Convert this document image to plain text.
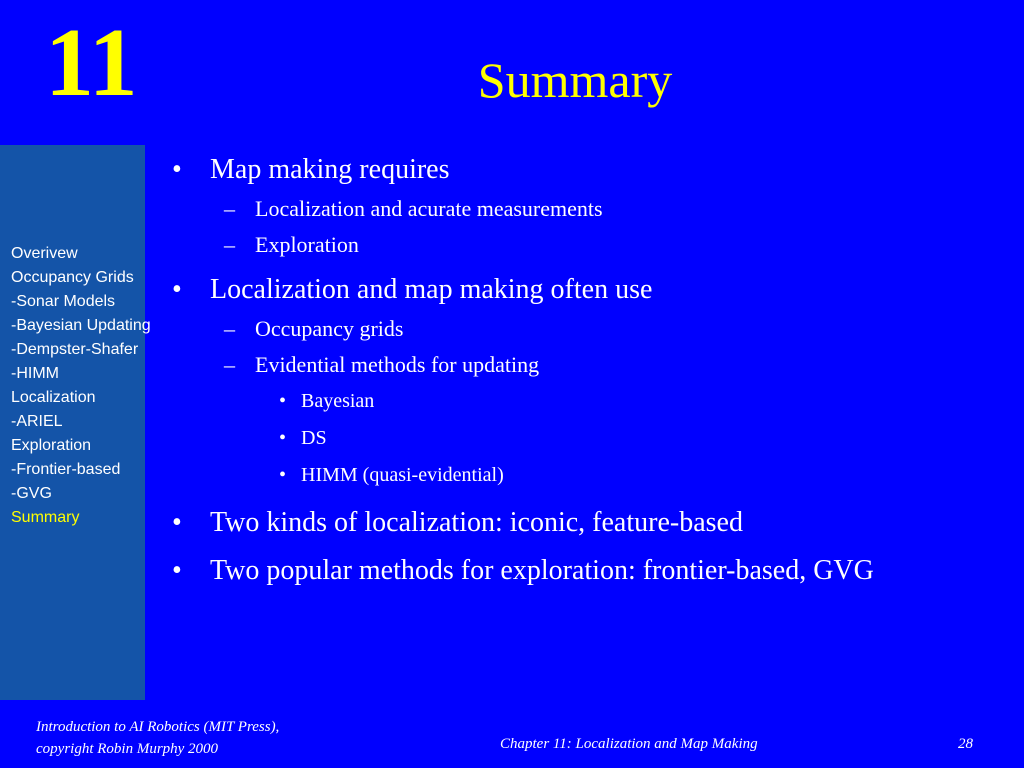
11	Summary
Overivew
Occupancy Grids
-Sonar Models
-Bayesian Updating
-Dempster-Shafer
-HIMM
Localization
-ARIEL
Exploration
-Frontier-based
-GVG
Summary
• Map making requires
– Localization and acurate measurements
– Exploration
• Localization and map making often use
– Occupancy grids
– Evidential methods for updating
• Bayesian
• DS
• HIMM (quasi-evidential)
• Two kinds of localization: iconic, feature-based
• Two popular methods for exploration: frontier-based, GVG
Introduction to AI Robotics (MIT Press),
copyright Robin Murphy 2000	Chapter 11: Localization and Map Making	28
